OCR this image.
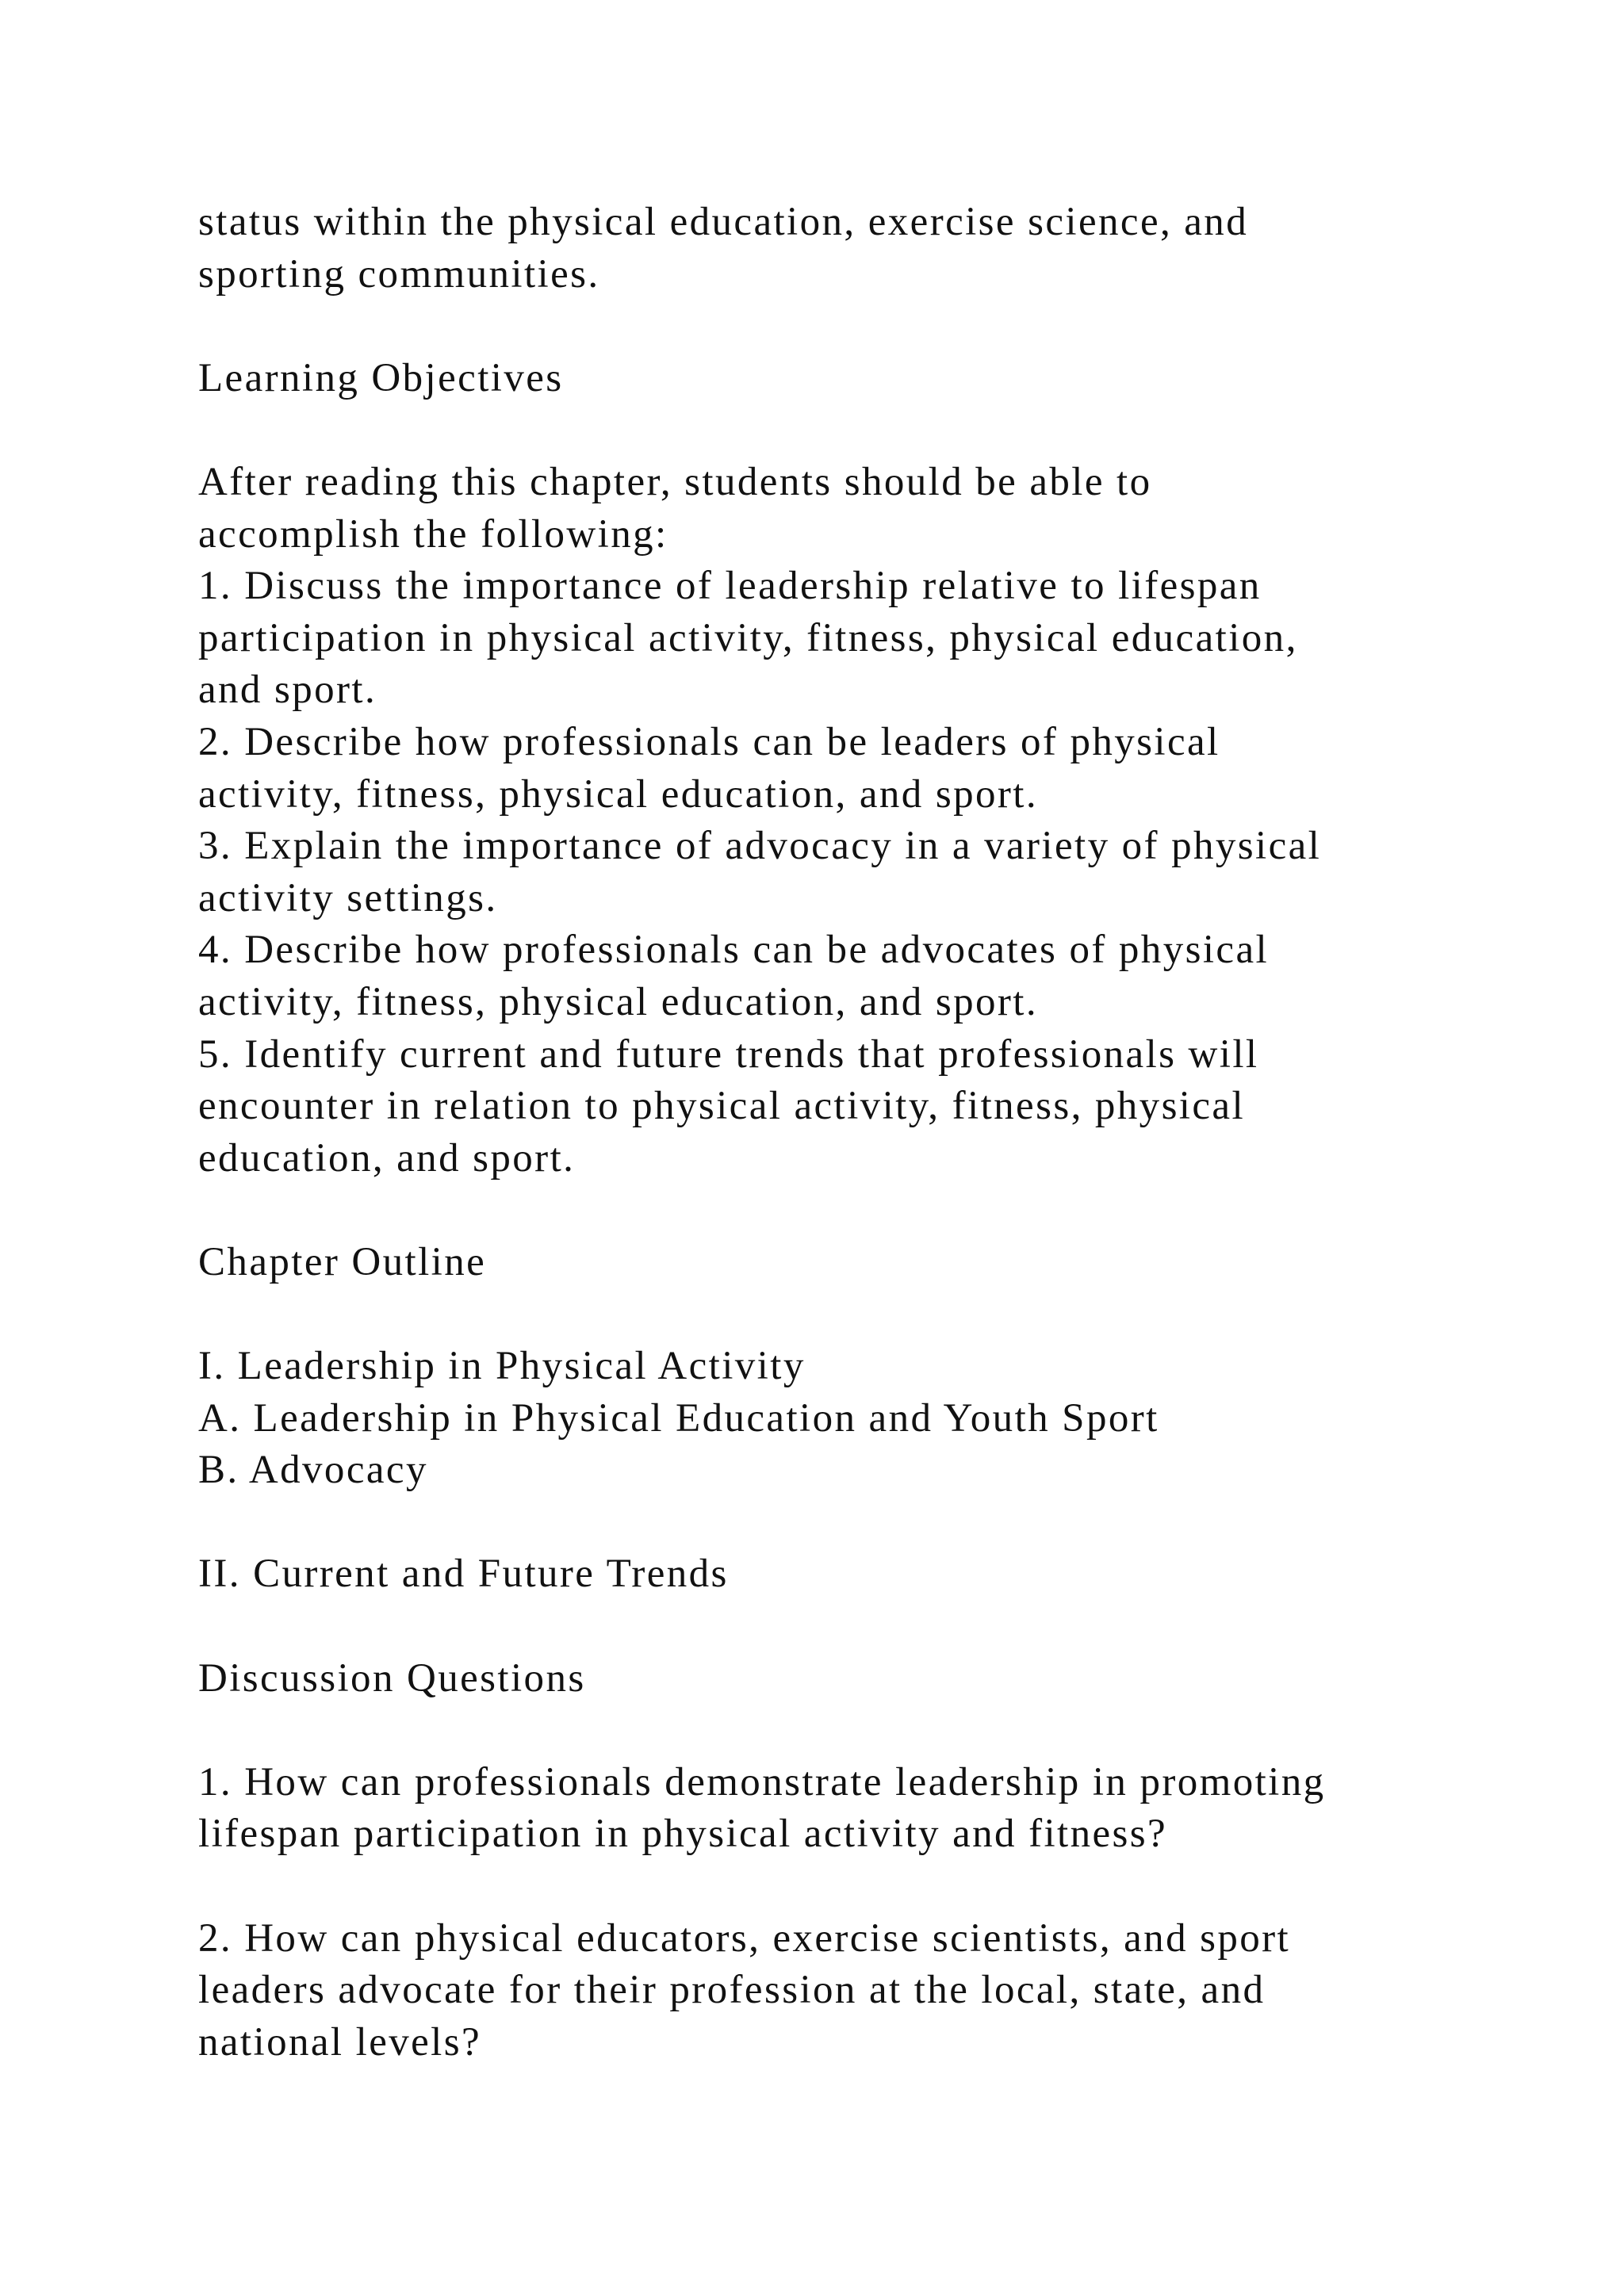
status within the physical education, exercise science, and
sporting communities.
Learning Objectives
After reading this chapter, students should be able to
accomplish the following:
1. Discuss the importance of leadership relative to lifespan
participation in physical activity, fitness, physical education,
and sport.
2. Describe how professionals can be leaders of physical
activity, fitness, physical education, and sport.
3. Explain the importance of advocacy in a variety of physical
activity settings.
4. Describe how professionals can be advocates of physical
activity, fitness, physical education, and sport.
5. Identify current and future trends that professionals will
encounter in relation to physical activity, fitness, physical
education, and sport.
Chapter Outline
I. Leadership in Physical Activity
A. Leadership in Physical Education and Youth Sport
B. Advocacy
II. Current and Future Trends
Discussion Questions
1. How can professionals demonstrate leadership in promoting
lifespan participation in physical activity and fitness?
2. How can physical educators, exercise scientists, and sport
leaders advocate for their profession at the local, state, and
national levels?
